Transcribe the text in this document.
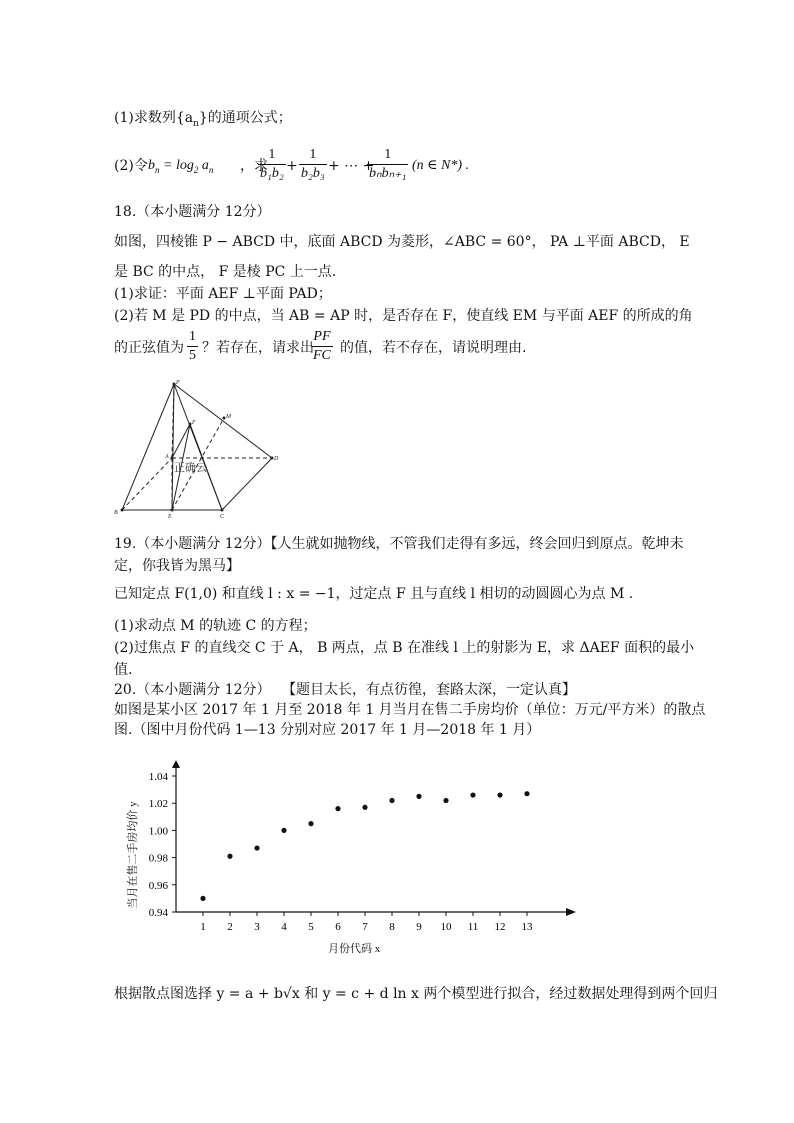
(1)求数列$\{a_n\}$的通项公式；
(2)令 $b_n = \log_2 a_n$ ，求
$\frac{1}{\text{b₁b₂}} + \frac{1}{\text{b₂b₃}}$ + ⋯ +
1
bₙbₙ₊₁
(n ∈ N*) .
18.（本小题满分 12分）
如图，四棱锥 P − ABCD 中，底面 ABCD 为菱形，∠ABC = 60°， PA ⊥平面 ABCD， E
是 BC 的中点， F 是棱 PC 上一点.
(1)求证：平面 AEF ⊥平面 PAD；
(2)若 M 是 PD 的中点，当 AB = AP 时，是否存在 F，使直线 EM 与平面 AEF 的所成的角
的正弦值为 $\frac{1}{5}$ ？若存在，请求出
$\frac{PF}{FC}$ 的值，若不存在，请说明理由.
P
M
F
A	D
B
E	C
正确云
19.（本小题满分 12分）【人生就如抛物线，不管我们走得有多远，终会回归到原点。乾坤未
定，你我皆为黑马】
已知定点 F(1,0) 和直线 l : x = −1，过定点 F 且与直线 l 相切的动圆圆心为点 M .
(1)求动点 M 的轨迹 C 的方程；
(2)过焦点 F 的直线交 C 于 A， B 两点，点 B 在准线 l 上的射影为 E，求 ΔAEF 面积的最小
值.
20.（本小题满分 12分）　 【题目太长，有点彷徨，套路太深，一定认真】
如图是某小区 2017 年 1 月至 2018 年 1 月当月在售二手房均价（单位：万元/平方米）的散点
图.（图中月份代码 1—13 分别对应 2017 年 1 月—2018 年 1 月）
0.94
0.96
0.98
1.00
1.02
1.04
1 2 3 4 5 6 7 8 9 10 11 12 13
月份代码 x
当月在售二手房均价 y
根据散点图选择 y = a + b√x 和 y = c + d ln x 两个模型进行拟合，经过数据处理得到两个回归
